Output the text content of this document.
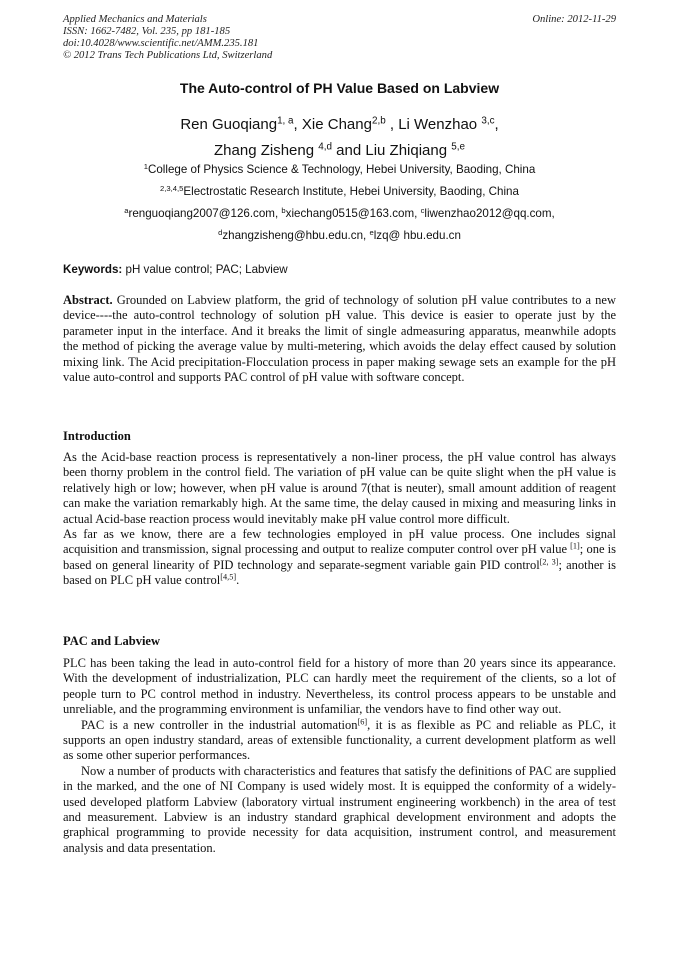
Applied Mechanics and Materials
ISSN: 1662-7482, Vol. 235, pp 181-185
doi:10.4028/www.scientific.net/AMM.235.181
© 2012 Trans Tech Publications Ltd, Switzerland
Online: 2012-11-29
The Auto-control of PH Value Based on Labview
Ren Guoqiang$^{1, a}$, Xie Chang$^{2,b}$ , Li Wenzhao $^{3,c}$,
Zhang Zisheng $^{4,d}$ and Liu Zhiqiang $^{5,e}$
$^1$College of Physics Science & Technology, Hebei University, Baoding, China
$^{2,3,4,5}$Electrostatic Research Institute, Hebei University, Baoding, China
$^a$renguoqiang2007@126.com, $^b$xiechang0515@163.com, $^c$liwenzhao2012@qq.com,
$^d$zhangzisheng@hbu.edu.cn, $^e$lzq@ hbu.edu.cn
Keywords: pH value control; PAC; Labview

Abstract. Grounded on Labview platform, the grid of technology of solution pH value contributes to a new device----the auto-control technology of solution pH value. This device is easier to operate just by the parameter input in the interface. And it breaks the limit of single admeasuring apparatus, meanwhile adopts the method of picking the average value by multi-metering, which avoids the delay effect caused by solution mixing link. The Acid precipitation-Flocculation process in paper making sewage sets an example for the pH value auto-control and supports PAC control of pH value with software concept.

Introduction

As the Acid-base reaction process is representatively a non-liner process, the pH value control has always been thorny problem in the control field. The variation of pH value can be quite slight when the pH value is relatively high or low; however, when pH value is around 7(that is neuter), small amount addition of reagent can make the variation remarkably high. At the same time, the delay caused in mixing and measuring links in actual Acid-base reaction process would inevitably make pH value control more difficult.

As far as we know, there are a few technologies employed in pH value process. One includes signal acquisition and transmission, signal processing and output to realize computer control over pH value [1]; one is based on general linearity of PID technology and separate-segment variable gain PID control[2, 3]; another is based on PLC pH value control[4,5].

PAC and Labview

PLC has been taking the lead in auto-control field for a history of more than 20 years since its appearance. With the development of industrialization, PLC can hardly meet the requirement of the clients, so a lot of people turn to PC control method in industry. Nevertheless, its control process appears to be unstable and unreliable, and the programming environment is unfamiliar, the vendors have to find other way out.

PAC is a new controller in the industrial automation[6], it is as flexible as PC and reliable as PLC, it supports an open industry standard, areas of extensible functionality, a current development platform as well as some other superior performances.

Now a number of products with characteristics and features that satisfy the definitions of PAC are supplied in the marked, and the one of NI Company is used widely most. It is equipped the conformity of a widely-used developed platform Labview (laboratory virtual instrument engineering workbench) in the area of test and measurement. Labview is an industry standard graphical development environment and adopts the graphical programming to provide necessity for data acquisition, instrument control, and measurement analysis and data presentation.
